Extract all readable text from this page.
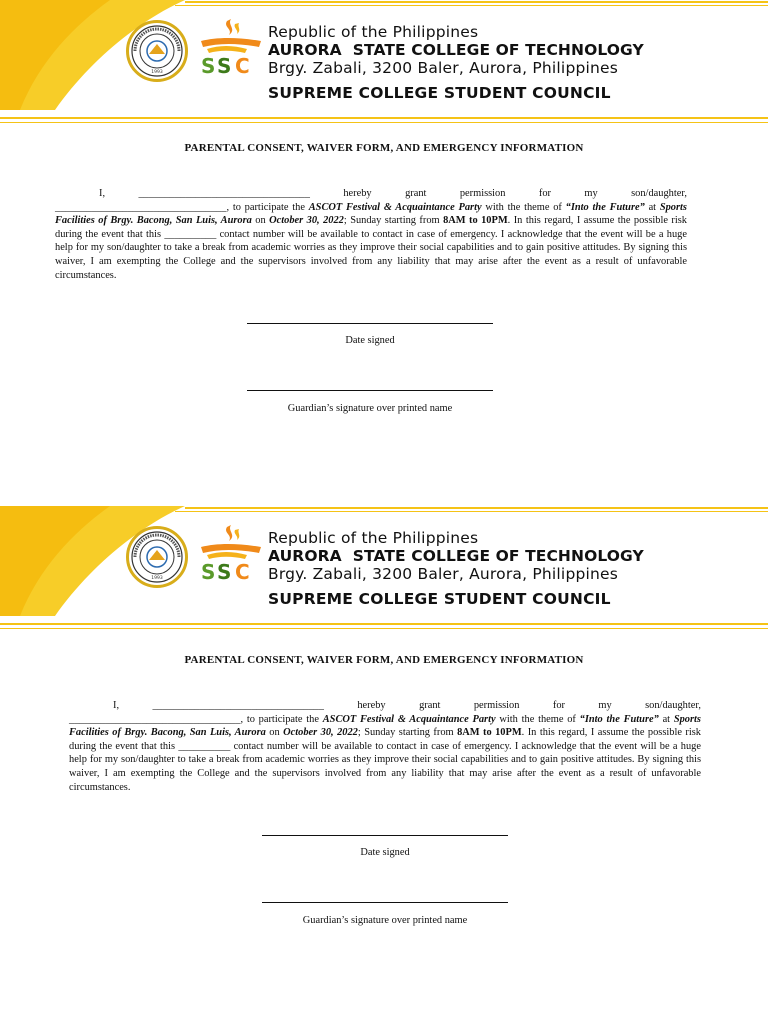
1993 S S C
Republic of the Philippines
AURORA  STATE COLLEGE OF TECHNOLOGY
Brgy. Zabali, 3200 Baler, Aurora, Philippines
SUPREME COLLEGE STUDENT COUNCIL
PARENTAL CONSENT, WAIVER FORM, AND EMERGENCY INFORMATION
I,	_________________________________	hereby	grant	permission	for	my	son/daughter,

_________________________________, to participate the ASCOT Festival & Acquaintance Party with the theme of “Into the Future” at Sports Facilities of Brgy. Bacong, San Luis, Aurora on October 30, 2022; Sunday starting from 8AM to 10PM. In this regard, I assume the possible risk during the event that this __________ contact number will be available to contact in case of emergency. I acknowledge that the event will be a huge help for my son/daughter to take a break from academic worries as they improve their social capabilities and to gain positive attitudes. By signing this waiver, I am exempting the College and the supervisors involved from any liability that may arise after the event as a result of unfavorable circumstances.

Date signed
Guardian’s signature over printed name
1993 S S C
Republic of the Philippines
AURORA  STATE COLLEGE OF TECHNOLOGY
Brgy. Zabali, 3200 Baler, Aurora, Philippines
SUPREME COLLEGE STUDENT COUNCIL
PARENTAL CONSENT, WAIVER FORM, AND EMERGENCY INFORMATION
I,	_________________________________	hereby	grant	permission	for	my	son/daughter,

_________________________________, to participate the ASCOT Festival & Acquaintance Party with the theme of “Into the Future” at Sports Facilities of Brgy. Bacong, San Luis, Aurora on October 30, 2022; Sunday starting from 8AM to 10PM. In this regard, I assume the possible risk during the event that this __________ contact number will be available to contact in case of emergency. I acknowledge that the event will be a huge help for my son/daughter to take a break from academic worries as they improve their social capabilities and to gain positive attitudes. By signing this waiver, I am exempting the College and the supervisors involved from any liability that may arise after the event as a result of unfavorable circumstances.

Date signed
Guardian’s signature over printed name
